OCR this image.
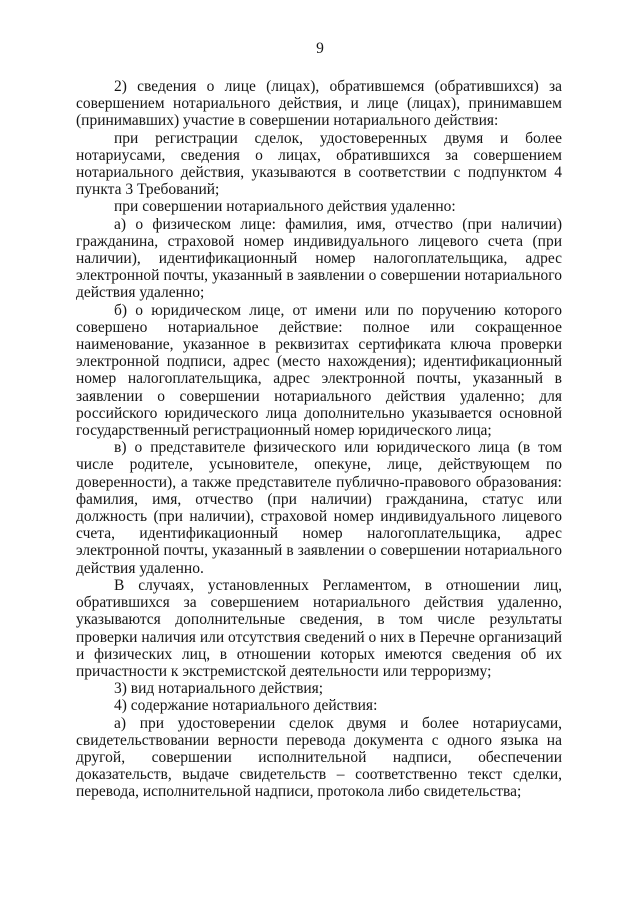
9

2) сведения о лице (лицах), обратившемся (обратившихся) за совершением нотариального действия, и лице (лицах), принимавшем (принимавших) участие в совершении нотариального действия:

при регистрации сделок, удостоверенных двумя и более нотариусами, сведения о лицах, обратившихся за совершением нотариального действия, указываются в соответствии с подпунктом 4 пункта 3 Требований;

при совершении нотариального действия удаленно:

а) о физическом лице: фамилия, имя, отчество (при наличии) гражданина, страховой номер индивидуального лицевого счета (при наличии), идентификационный номер налогоплательщика, адрес электронной почты, указанный в заявлении о совершении нотариального действия удаленно;

б) о юридическом лице, от имени или по поручению которого совершено нотариальное действие: полное или сокращенное наименование, указанное в реквизитах сертификата ключа проверки электронной подписи, адрес (место нахождения); идентификационный номер налогоплательщика, адрес электронной почты, указанный в заявлении о совершении нотариального действия удаленно; для российского юридического лица дополнительно указывается основной государственный регистрационный номер юридического лица;

в) о представителе физического или юридического лица (в том числе родителе, усыновителе, опекуне, лице, действующем по доверенности), а также представителе публично-правового образования: фамилия, имя, отчество (при наличии) гражданина, статус или должность (при наличии), страховой номер индивидуального лицевого счета, идентификационный номер налогоплательщика, адрес электронной почты, указанный в заявлении о совершении нотариального действия удаленно.

В случаях, установленных Регламентом, в отношении лиц, обратившихся за совершением нотариального действия удаленно, указываются дополнительные сведения, в том числе результаты проверки наличия или отсутствия сведений о них в Перечне организаций и физических лиц, в отношении которых имеются сведения об их причастности к экстремистской деятельности или терроризму;

3) вид нотариального действия;

4) содержание нотариального действия:

а) при удостоверении сделок двумя и более нотариусами, свидетельствовании верности перевода документа с одного языка на другой, совершении исполнительной надписи, обеспечении доказательств, выдаче свидетельств – соответственно текст сделки, перевода, исполнительной надписи, протокола либо свидетельства;
